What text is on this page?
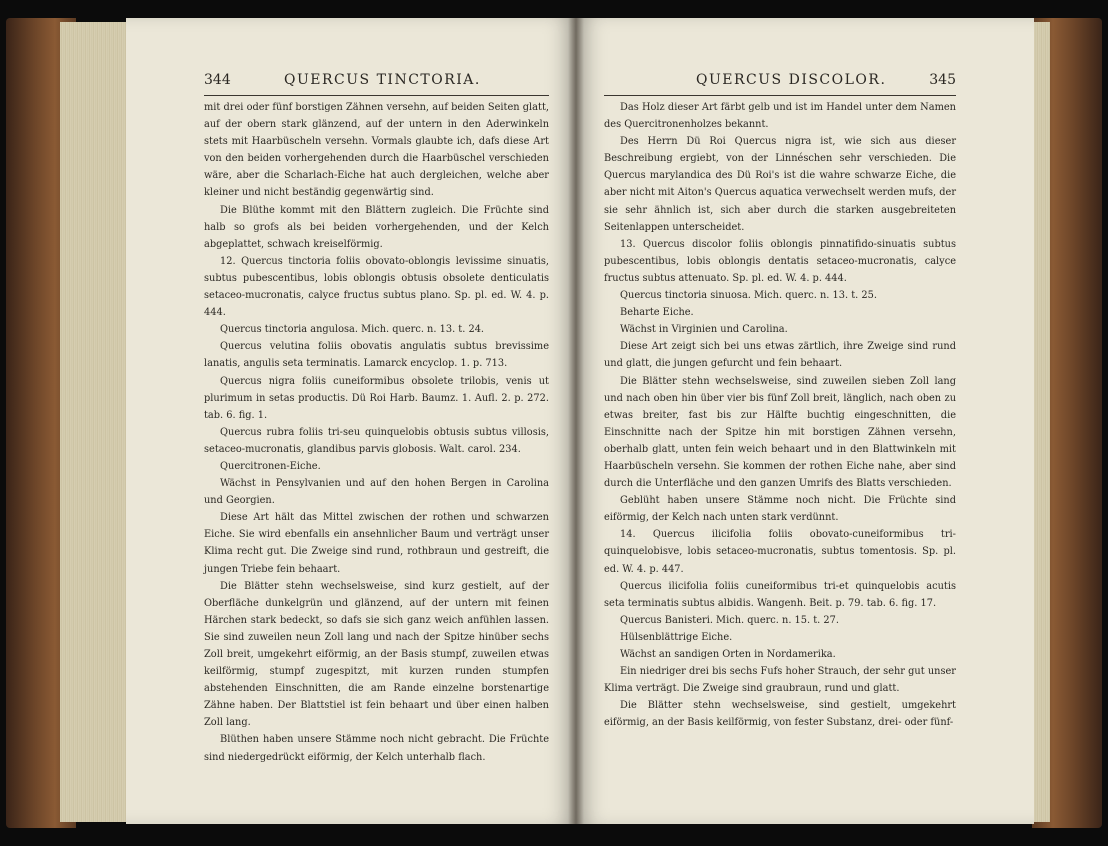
344	QUERCUS TINCTORIA.

mit drei oder fünf borstigen Zähnen versehn, auf beiden Seiten glatt, auf der obern stark glänzend, auf der untern in den Aderwinkeln stets mit Haarbüscheln versehn. Vormals glaubte ich, dafs diese Art von den beiden vorhergehenden durch die Haarbüschel verschieden wäre, aber die Scharlach-Eiche hat auch dergleichen, welche aber kleiner und nicht beständig gegenwärtig sind.

Die Blüthe kommt mit den Blättern zugleich. Die Früchte sind halb so grofs als bei beiden vorhergehenden, und der Kelch abgeplattet, schwach kreiselförmig.

12. Quercus tinctoria foliis obovato-oblongis levissime sinuatis, subtus pubescentibus, lobis oblongis obtusis obsolete denticulatis setaceo-mucronatis, calyce fructus subtus plano. Sp. pl. ed. W. 4. p. 444.

Quercus tinctoria angulosa. Mich. querc. n. 13. t. 24.

Quercus velutina foliis obovatis angulatis subtus brevissime lanatis, angulis seta terminatis. Lamarck encyclop. 1. p. 713.

Quercus nigra foliis cuneiformibus obsolete trilobis, venis ut plurimum in setas productis. Dü Roi Harb. Baumz. 1. Aufl. 2. p. 272. tab. 6. fig. 1.

Quercus rubra foliis tri-seu quinquelobis obtusis subtus villosis, setaceo-mucronatis, glandibus parvis globosis. Walt. carol. 234.

Quercitronen-Eiche.

Wächst in Pensylvanien und auf den hohen Bergen in Carolina und Georgien.

Diese Art hält das Mittel zwischen der rothen und schwarzen Eiche. Sie wird ebenfalls ein ansehnlicher Baum und verträgt unser Klima recht gut. Die Zweige sind rund, rothbraun und gestreift, die jungen Triebe fein behaart.

Die Blätter stehn wechselsweise, sind kurz gestielt, auf der Oberfläche dunkelgrün und glänzend, auf der untern mit feinen Härchen stark bedeckt, so dafs sie sich ganz weich anfühlen lassen. Sie sind zuweilen neun Zoll lang und nach der Spitze hinüber sechs Zoll breit, umgekehrt eiförmig, an der Basis stumpf, zuweilen etwas keilförmig, stumpf zugespitzt, mit kurzen runden stumpfen abstehenden Einschnitten, die am Rande einzelne borstenartige Zähne haben. Der Blattstiel ist fein behaart und über einen halben Zoll lang.

Blüthen haben unsere Stämme noch nicht gebracht. Die Früchte sind niedergedrückt eiförmig, der Kelch unterhalb flach.

QUERCUS DISCOLOR.	345

Das Holz dieser Art färbt gelb und ist im Handel unter dem Namen des Quercitronenholzes bekannt.

Des Herrn Dü Roi Quercus nigra ist, wie sich aus dieser Beschreibung ergiebt, von der Linnéschen sehr verschieden. Die Quercus marylandica des Dü Roi's ist die wahre schwarze Eiche, die aber nicht mit Aiton's Quercus aquatica verwechselt werden mufs, der sie sehr ähnlich ist, sich aber durch die starken ausgebreiteten Seitenlappen unterscheidet.

13. Quercus discolor foliis oblongis pinnatifido-sinuatis subtus pubescentibus, lobis oblongis dentatis setaceo-mucronatis, calyce fructus subtus attenuato. Sp. pl. ed. W. 4. p. 444.

Quercus tinctoria sinuosa. Mich. querc. n. 13. t. 25.

Beharte Eiche.

Wächst in Virginien und Carolina.

Diese Art zeigt sich bei uns etwas zärtlich, ihre Zweige sind rund und glatt, die jungen gefurcht und fein behaart.

Die Blätter stehn wechselsweise, sind zuweilen sieben Zoll lang und nach oben hin über vier bis fünf Zoll breit, länglich, nach oben zu etwas breiter, fast bis zur Hälfte buchtig eingeschnitten, die Einschnitte nach der Spitze hin mit borstigen Zähnen versehn, oberhalb glatt, unten fein weich behaart und in den Blattwinkeln mit Haarbüscheln versehn. Sie kommen der rothen Eiche nahe, aber sind durch die Unterfläche und den ganzen Umrifs des Blatts verschieden.

Geblüht haben unsere Stämme noch nicht. Die Früchte sind eiförmig, der Kelch nach unten stark verdünnt.

14. Quercus ilicifolia foliis obovato-cuneiformibus tri-quinquelobisve, lobis setaceo-mucronatis, subtus tomentosis. Sp. pl. ed. W. 4. p. 447.

Quercus ilicifolia foliis cuneiformibus tri-et quinquelobis acutis seta terminatis subtus albidis. Wangenh. Beit. p. 79. tab. 6. fig. 17.

Quercus Banisteri. Mich. querc. n. 15. t. 27.

Hülsenblättrige Eiche.

Wächst an sandigen Orten in Nordamerika.

Ein niedriger drei bis sechs Fufs hoher Strauch, der sehr gut unser Klima verträgt. Die Zweige sind graubraun, rund und glatt.

Die Blätter stehn wechselsweise, sind gestielt, umgekehrt eiförmig, an der Basis keilförmig, von fester Substanz, drei- oder fünf-
